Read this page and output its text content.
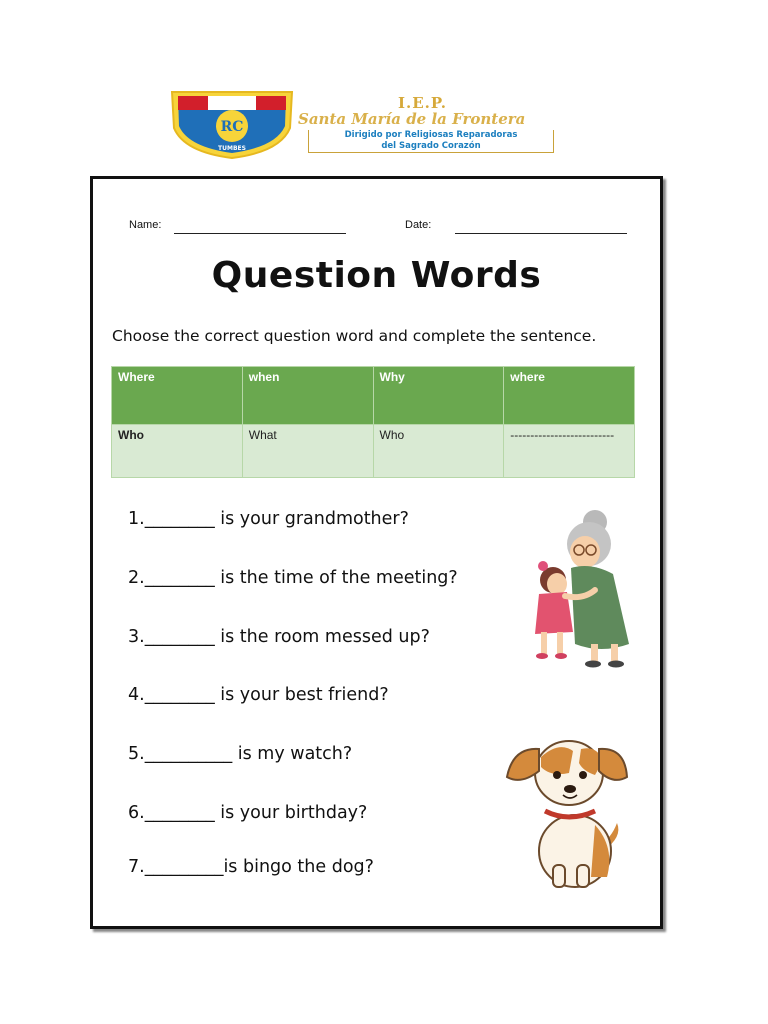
RC
TUMBES
I.E.P.
Santa María de la Frontera
Dirigido por Religiosas Reparadoras
del Sagrado Corazón
Name:	Date:
Question Words
Choose the correct question word and complete the sentence.
Where	when	Why	where
Who	What	Who	--------------------------
1.________ is your grandmother?
2.________ is the time of the meeting?
3.________ is the room messed up?
4.________ is your best friend?
5.__________ is my watch?
6.________ is your birthday?
7._________is bingo the dog?
